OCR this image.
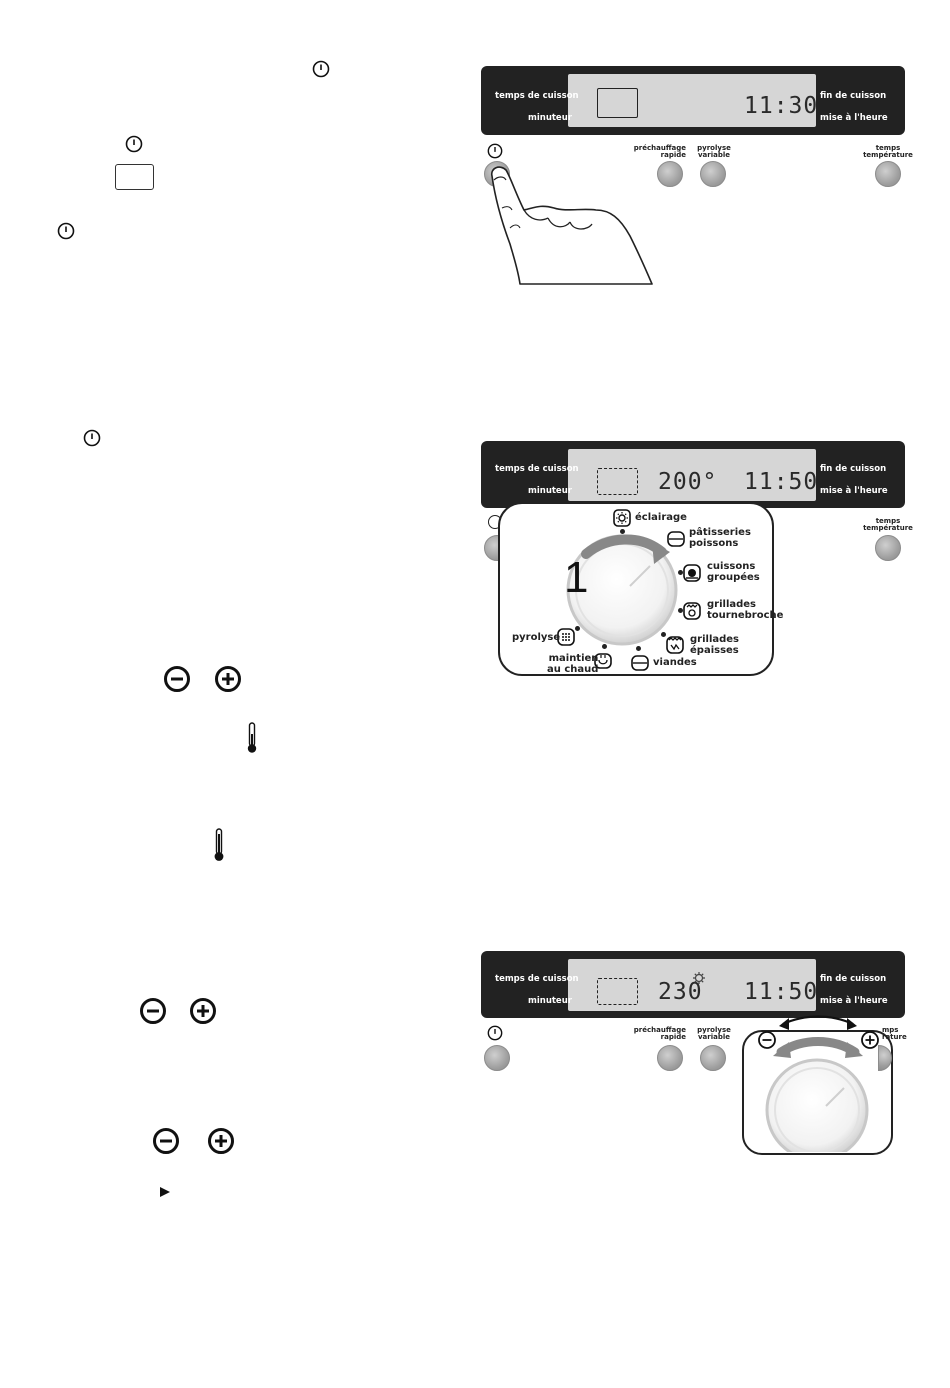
11:30
temps de cuisson
minuteur
fin de cuisson
mise à l'heure
préchauffage
rapide
pyrolyse
variable
temps
température
200° 11:50
temps de cuisson
minuteur
fin de cuisson
mise à l'heure
temps
température
1
éclairage
pâtisseries
poissons
cuissons
groupées
grillades
tournebroche
grillades
épaisses
viandes
maintien
au chaud
pyrolyse
230 11:50
temps de cuisson
minuteur
fin de cuisson
mise à l'heure
préchauffage
rapide
pyrolyse
variable
mps
rature
